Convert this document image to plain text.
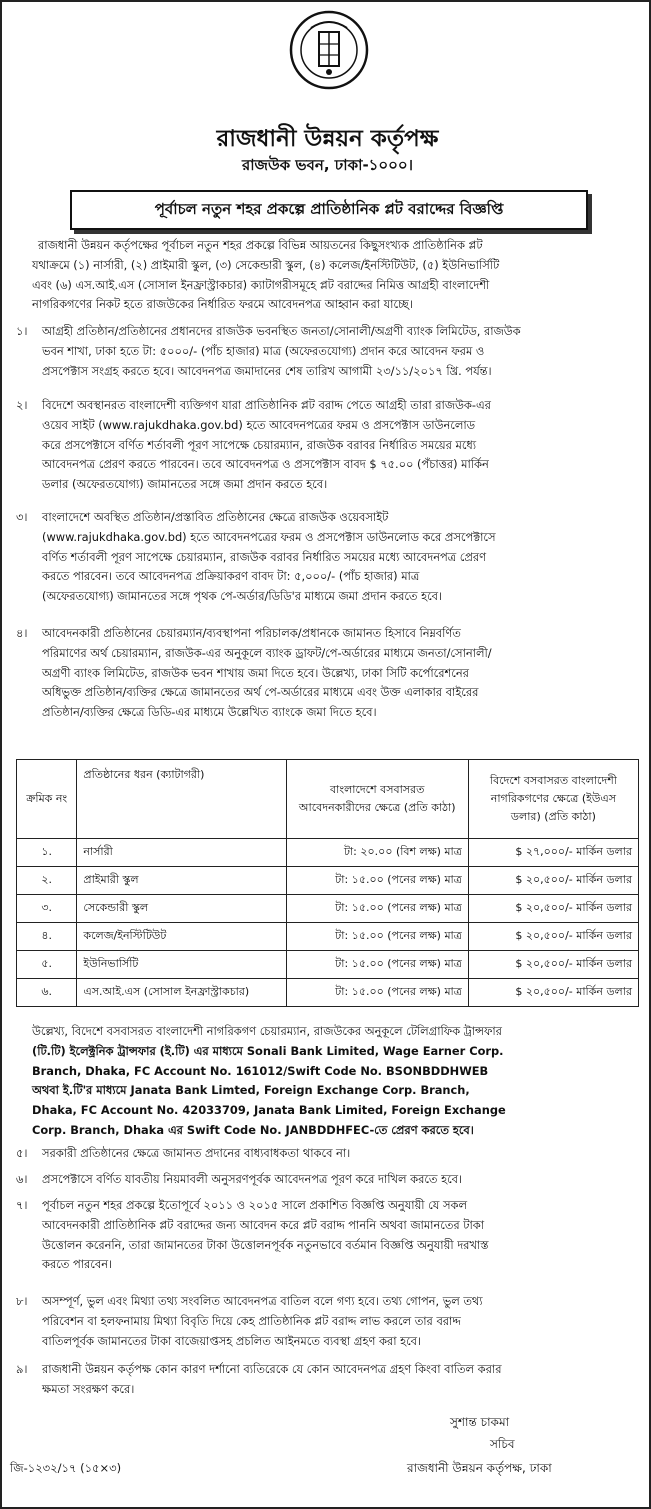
রাজধানী উন্নয়ন কর্তৃপক্ষ
রাজউক ভবন, ঢাকা-১০০০।
পূর্বাচল নতুন শহর প্রকল্পে প্রাতিষ্ঠানিক প্লট বরাদ্দের বিজ্ঞপ্তি
রাজধানী উন্নয়ন কর্তৃপক্ষের পূর্বাচল নতুন শহর প্রকল্পে বিভিন্ন আয়তনের কিছুসংখ্যক প্রাতিষ্ঠানিক প্লট
যথাক্রমে (১) নার্সারী, (২) প্রাইমারী স্কুল, (৩) সেকেন্ডারী স্কুল, (৪) কলেজ/ইনস্টিটিউট, (৫) ইউনিভার্সিটি
এবং (৬) এস.আই.এস (সোসাল ইনফ্রাস্ট্রাকচার) ক্যাটাগরীসমূহে প্লট বরাদ্দের নিমিত্ত আগ্রহী বাংলাদেশী
নাগরিকগণের নিকট হতে রাজউকের নির্ধারিত ফরমে আবেদনপত্র আহ্বান করা যাচ্ছে।
১। আগ্রহী প্রতিষ্ঠান/প্রতিষ্ঠানের প্রধানদের রাজউক ভবনস্থিত জনতা/সোনালী/অগ্রণী ব্যাংক লিমিটেড, রাজউক
ভবন শাখা, ঢাকা হতে টা: ৫০০০/- (পাঁচ হাজার) মাত্র (অফেরতযোগ্য) প্রদান করে আবেদন ফরম ও
প্রসপেক্টাস সংগ্রহ করতে হবে। আবেদনপত্র জমাদানের শেষ তারিখ আগামী ২৩/১১/২০১৭ খ্রি. পর্যন্ত।
২। বিদেশে অবস্থানরত বাংলাদেশী ব্যক্তিগণ যারা প্রাতিষ্ঠানিক প্লট বরাদ্দ পেতে আগ্রহী তারা রাজউক-এর
ওয়েব সাইট (www.rajukdhaka.gov.bd) হতে আবেদনপত্রের ফরম ও প্রসপেক্টাস ডাউনলোড
করে প্রসপেক্টাসে বর্ণিত শর্তাবলী পূরণ সাপেক্ষে চেয়ারম্যান, রাজউক বরাবর নির্ধারিত সময়ের মধ্যে
আবেদনপত্র প্রেরণ করতে পারবেন। তবে আবেদনপত্র ও প্রসপেক্টাস বাবদ $ ৭৫.০০ (পঁচাত্তর) মার্কিন
ডলার (অফেরতযোগ্য) জামানতের সঙ্গে জমা প্রদান করতে হবে।
৩। বাংলাদেশে অবস্থিত প্রতিষ্ঠান/প্রস্তাবিত প্রতিষ্ঠানের ক্ষেত্রে রাজউক ওয়েবসাইট
(www.rajukdhaka.gov.bd) হতে আবেদনপত্রের ফরম ও প্রসপেক্টাস ডাউনলোড করে প্রসপেক্টাসে
বর্ণিত শর্তাবলী পূরণ সাপেক্ষে চেয়ারম্যান, রাজউক বরাবর নির্ধারিত সময়ের মধ্যে আবেদনপত্র প্রেরণ
করতে পারবেন। তবে আবেদনপত্র প্রক্রিয়াকরণ বাবদ টা: ৫,০০০/- (পাঁচ হাজার) মাত্র
(অফেরতযোগ্য) জামানতের সঙ্গে পৃথক পে-অর্ডার/ডিডি'র মাধ্যমে জমা প্রদান করতে হবে।
৪। আবেদনকারী প্রতিষ্ঠানের চেয়ারম্যান/ব্যবস্থাপনা পরিচালক/প্রধানকে জামানত হিসাবে নিম্নবর্ণিত
পরিমাণের অর্থ চেয়ারম্যান, রাজউক-এর অনুকূলে ব্যাংক ড্রাফট/পে-অর্ডারের মাধ্যমে জনতা/সোনালী/
অগ্রণী ব্যাংক লিমিটেড, রাজউক ভবন শাখায় জমা দিতে হবে। উল্লেখ্য, ঢাকা সিটি কর্পোরেশনের
অধিভুক্ত প্রতিষ্ঠান/ব্যক্তির ক্ষেত্রে জামানতের অর্থ পে-অর্ডারের মাধ্যমে এবং উক্ত এলাকার বাইরের
প্রতিষ্ঠান/ব্যক্তির ক্ষেত্রে ডিডি-এর মাধ্যমে উল্লেখিত ব্যাংকে জমা দিতে হবে।
ক্রমিক নং	প্রতিষ্ঠানের ধরন (ক্যাটাগরী)	বাংলাদেশে বসবাসরত আবেদনকারীদের ক্ষেত্রে (প্রতি কাঠা)	বিদেশে বসবাসরত বাংলাদেশী নাগরিকগণের ক্ষেত্রে (ইউএস ডলার) (প্রতি কাঠা)
১.	নার্সারী	টা: ২০.০০ (বিশ লক্ষ) মাত্র	$ ২৭,০০০/- মার্কিন ডলার
২.	প্রাইমারী স্কুল	টা: ১৫.০০ (পনের লক্ষ) মাত্র	$ ২০,৫০০/- মার্কিন ডলার
৩.	সেকেন্ডারী স্কুল	টা: ১৫.০০ (পনের লক্ষ) মাত্র	$ ২০,৫০০/- মার্কিন ডলার
৪.	কলেজ/ইনস্টিটিউট	টা: ১৫.০০ (পনের লক্ষ) মাত্র	$ ২০,৫০০/- মার্কিন ডলার
৫.	ইউনিভার্সিটি	টা: ১৫.০০ (পনের লক্ষ) মাত্র	$ ২০,৫০০/- মার্কিন ডলার
৬.	এস.আই.এস (সোসাল ইনফ্রাস্ট্রাকচার)	টা: ১৫.০০ (পনের লক্ষ) মাত্র	$ ২০,৫০০/- মার্কিন ডলার
উল্লেখ্য, বিদেশে বসবাসরত বাংলাদেশী নাগরিকগণ চেয়ারম্যান, রাজউকের অনুকূলে টেলিগ্রাফিক ট্রান্সফার
(টি.টি) ইলেক্ট্রনিক ট্রান্সফার (ই.টি) এর মাধ্যমে Sonali Bank Limited, Wage Earner Corp.
Branch, Dhaka, FC Account No. 161012/Swift Code No. BSONBDDHWEB
অথবা ই.টি'র মাধ্যমে Janata Bank Limted, Foreign Exchange Corp. Branch,
Dhaka, FC Account No. 42033709, Janata Bank Limited, Foreign Exchange
Corp. Branch, Dhaka এর Swift Code No. JANBDDHFEC-তে প্রেরণ করতে হবে।
৫। সরকারী প্রতিষ্ঠানের ক্ষেত্রে জামানত প্রদানের বাধ্যবাধকতা থাকবে না।
৬। প্রসপেক্টাসে বর্ণিত যাবতীয় নিয়মাবলী অনুসরণপূর্বক আবেদনপত্র পূরণ করে দাখিল করতে হবে।
৭। পূর্বাচল নতুন শহর প্রকল্পে ইতোপূর্বে ২০১১ ও ২০১৫ সালে প্রকাশিত বিজ্ঞপ্তি অনুযায়ী যে সকল
আবেদনকারী প্রাতিষ্ঠানিক প্লট বরাদ্দের জন্য আবেদন করে প্লট বরাদ্দ পাননি অথবা জামানতের টাকা
উত্তোলন করেননি, তারা জামানতের টাকা উত্তোলনপূর্বক নতুনভাবে বর্তমান বিজ্ঞপ্তি অনুযায়ী দরখাস্ত
করতে পারবেন।
৮। অসম্পূর্ণ, ভুল এবং মিথ্যা তথ্য সংবলিত আবেদনপত্র বাতিল বলে গণ্য হবে। তথ্য গোপন, ভুল তথ্য
পরিবেশন বা হলফনামায় মিথ্যা বিবৃতি দিয়ে কেহ প্রাতিষ্ঠানিক প্লট বরাদ্দ লাভ করলে তার বরাদ্দ
বাতিলপূর্বক জামানতের টাকা বাজেয়াপ্তসহ প্রচলিত আইনমতে ব্যবস্থা গ্রহণ করা হবে।
৯। রাজধানী উন্নয়ন কর্তৃপক্ষ কোন কারণ দর্শানো ব্যতিরেকে যে কোন আবেদনপত্র গ্রহণ কিংবা বাতিল করার
ক্ষমতা সংরক্ষণ করে।
সুশান্ত চাকমা
সচিব
রাজধানী উন্নয়ন কর্তৃপক্ষ, ঢাকা
জি-১২৩২/১৭ (১৫×৩)
